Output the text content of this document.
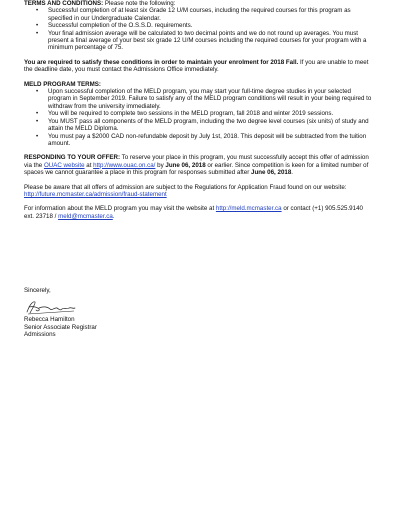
TERMS AND CONDITIONS: Please note the following:

• Successful completion of at least six Grade 12 U/M courses, including the required courses for this program as specified in our Undergraduate Calendar.
• Successful completion of the O.S.S.D. requirements.
• Your final admission average will be calculated to two decimal points and we do not round up averages. You must present a final average of your best six grade 12 U/M courses including the required courses for your program with a minimum percentage of 75.

You are required to satisfy these conditions in order to maintain your enrolment for 2018 Fall. If you are unable to meet the deadline date, you must contact the Admissions Office immediately.

MELD PROGRAM TERMS:

• Upon successful completion of the MELD program, you may start your full-time degree studies in your selected program in September 2019. Failure to satisfy any of the MELD program conditions will result in your being required to withdraw from the university immediately.
• You will be required to complete two sessions in the MELD program, fall 2018 and winter 2019 sessions.
• You MUST pass all components of the MELD program, including the two degree level courses (six units) of study and attain the MELD Diploma.
• You must pay a $2000 CAD non-refundable deposit by July 1st, 2018. This deposit will be subtracted from the tuition amount.

RESPONDING TO YOUR OFFER: To reserve your place in this program, you must successfully accept this offer of admission via the OUAC website at http://www.ouac.on.ca/ by June 06, 2018 or earlier. Since competition is keen for a limited number of spaces we cannot guarantee a place in this program for responses submitted after June 06, 2018.

Please be aware that all offers of admission are subject to the Regulations for Application Fraud found on our website: http://future.mcmaster.ca/admission/fraud-statement

For information about the MELD program you may visit the website at http://meld.mcmaster.ca or contact (+1) 905.525.9140 ext. 23718 / meld@mcmaster.ca.

Sincerely,

Rebecca Hamilton

Senior Associate Registrar

Admissions
